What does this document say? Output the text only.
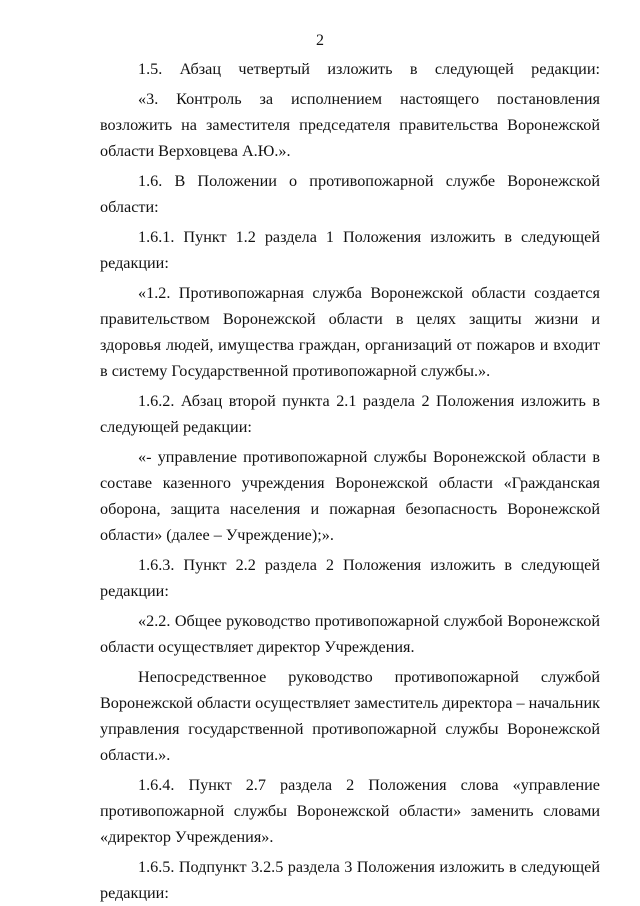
2

1.5. Абзац четвертый изложить в следующей редакции:

«3. Контроль за исполнением настоящего постановления возложить на заместителя председателя правительства Воронежской области Верховцева А.Ю.».

1.6. В Положении о противопожарной службе Воронежской области:

1.6.1. Пункт 1.2 раздела 1 Положения изложить в следующей редакции:

«1.2. Противопожарная служба Воронежской области создается правительством Воронежской области в целях защиты жизни и здоровья людей, имущества граждан, организаций от пожаров и входит в систему Государственной противопожарной службы.».

1.6.2. Абзац второй пункта 2.1 раздела 2 Положения изложить в следующей редакции:

«- управление противопожарной службы Воронежской области в составе казенного учреждения Воронежской области «Гражданская оборона, защита населения и пожарная безопасность Воронежской области» (далее – Учреждение);».

1.6.3. Пункт 2.2 раздела 2 Положения изложить в следующей редакции:

«2.2. Общее руководство противопожарной службой Воронежской области осуществляет директор Учреждения.

Непосредственное руководство противопожарной службой Воронежской области осуществляет заместитель директора – начальник управления государственной противопожарной службы Воронежской области.».

1.6.4. Пункт 2.7 раздела 2 Положения слова «управление противопожарной службы Воронежской области» заменить словами «директор Учреждения».

1.6.5. Подпункт 3.2.5 раздела 3 Положения изложить в следующей редакции:
